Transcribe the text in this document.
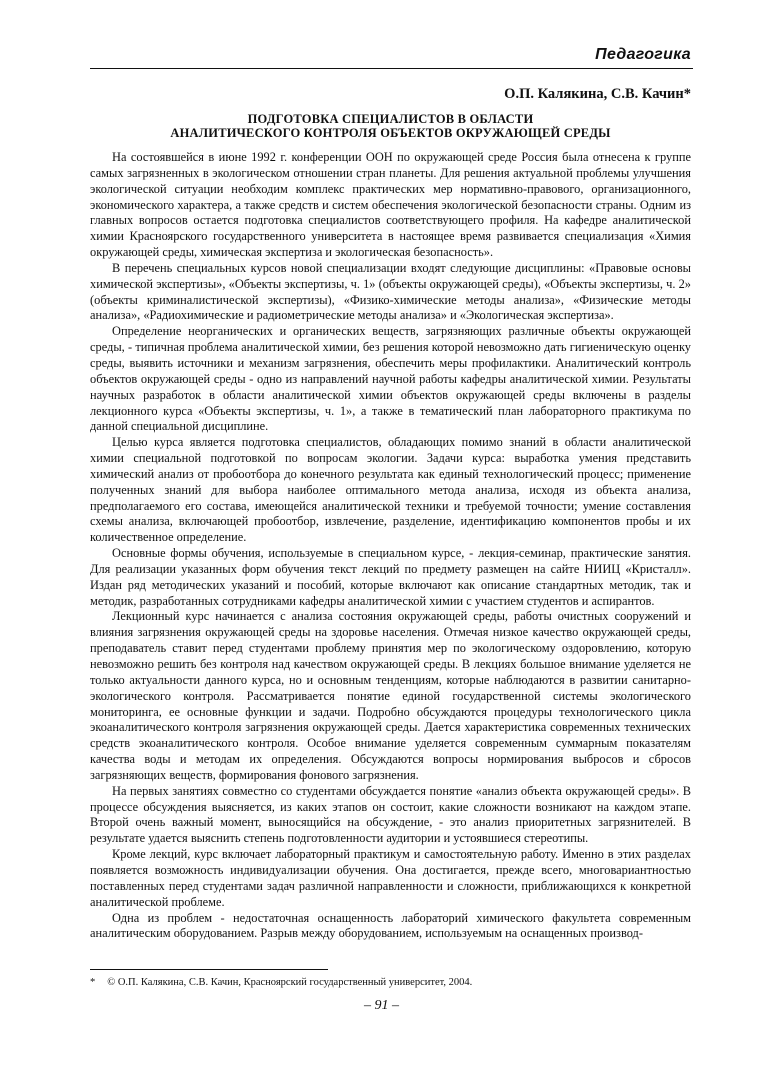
Педагогика
О.П. Калякина, С.В. Качин*
ПОДГОТОВКА СПЕЦИАЛИСТОВ В ОБЛАСТИ
АНАЛИТИЧЕСКОГО КОНТРОЛЯ ОБЪЕКТОВ ОКРУЖАЮЩЕЙ СРЕДЫ

На состоявшейся в июне 1992 г. конференции ООН по окружающей среде Россия была отнесена к группе самых загрязненных в экологическом отношении стран планеты. Для решения актуальной проблемы улучшения экологической ситуации необходим комплекс практических мер нормативно-правового, организационного, экономического характера, а также средств и систем обеспечения экологической безопасности страны. Одним из главных вопросов остается подготовка специалистов соответствующего профиля. На кафедре аналитической химии Красноярского государственного университета в настоящее время развивается специализация «Химия окружающей среды, химическая экспертиза и экологическая безопасность».

В перечень специальных курсов новой специализации входят следующие дисциплины: «Правовые основы химической экспертизы», «Объекты экспертизы, ч. 1» (объекты окружающей среды), «Объекты экспертизы, ч. 2» (объекты криминалистической экспертизы), «Физико-химические методы анализа», «Физические методы анализа», «Радиохимические и радиометрические методы анализа» и «Экологическая экспертиза».

Определение неорганических и органических веществ, загрязняющих различные объекты окружающей среды, - типичная проблема аналитической химии, без решения которой невозможно дать гигиеническую оценку среды, выявить источники и механизм загрязнения, обеспечить меры профилактики. Аналитический контроль объектов окружающей среды - одно из направлений научной работы кафедры аналитической химии. Результаты научных разработок в области аналитической химии объектов окружающей среды включены в разделы лекционного курса «Объекты экспертизы, ч. 1», а также в тематический план лабораторного практикума по данной специальной дисциплине.

Целью курса является подготовка специалистов, обладающих помимо знаний в области аналитической химии специальной подготовкой по вопросам экологии. Задачи курса: выработка умения представить химический анализ от пробоотбора до конечного результата как единый технологический процесс; применение полученных знаний для выбора наиболее оптимального метода анализа, исходя из объекта анализа, предполагаемого его состава, имеющейся аналитической техники и требуемой точности; умение составления схемы анализа, включающей пробоотбор, извлечение, разделение, идентификацию компонентов пробы и их количественное определение.

Основные формы обучения, используемые в специальном курсе, - лекция-семинар, практические занятия. Для реализации указанных форм обучения текст лекций по предмету размещен на сайте НИИЦ «Кристалл». Издан ряд методических указаний и пособий, которые включают как описание стандартных методик, так и методик, разработанных сотрудниками кафедры аналитической химии с участием студентов и аспирантов.

Лекционный курс начинается с анализа состояния окружающей среды, работы очистных сооружений и влияния загрязнения окружающей среды на здоровье населения. Отмечая низкое качество окружающей среды, преподаватель ставит перед студентами проблему принятия мер по экологическому оздоровлению, которую невозможно решить без контроля над качеством окружающей среды. В лекциях большое внимание уделяется не только актуальности данного курса, но и основным тенденциям, которые наблюдаются в развитии санитарно-экологического контроля. Рассматривается понятие единой государственной системы экологического мониторинга, ее основные функции и задачи. Подробно обсуждаются процедуры технологического цикла экоаналитического контроля загрязнения окружающей среды. Дается характеристика современных технических средств экоаналитического контроля. Особое внимание уделяется современным суммарным показателям качества воды и методам их определения. Обсуждаются вопросы нормирования выбросов и сбросов загрязняющих веществ, формирования фонового загрязнения.

На первых занятиях совместно со студентами обсуждается понятие «анализ объекта окружающей среды». В процессе обсуждения выясняется, из каких этапов он состоит, какие сложности возникают на каждом этапе. Второй очень важный момент, выносящийся на обсуждение, - это анализ приоритетных загрязнителей. В результате удается выяснить степень подготовленности аудитории и устоявшиеся стереотипы.

Кроме лекций, курс включает лабораторный практикум и самостоятельную работу. Именно в этих разделах появляется возможность индивидуализации обучения. Она достигается, прежде всего, многовариантностью поставленных перед студентами задач различной направленности и сложности, приближающихся к конкретной аналитической проблеме.

Одна из проблем - недостаточная оснащенность лабораторий химического факультета современным аналитическим оборудованием. Разрыв между оборудованием, используемым на оснащенных производ-

* © О.П. Калякина, С.В. Качин, Красноярский государственный университет, 2004.
– 91 –
